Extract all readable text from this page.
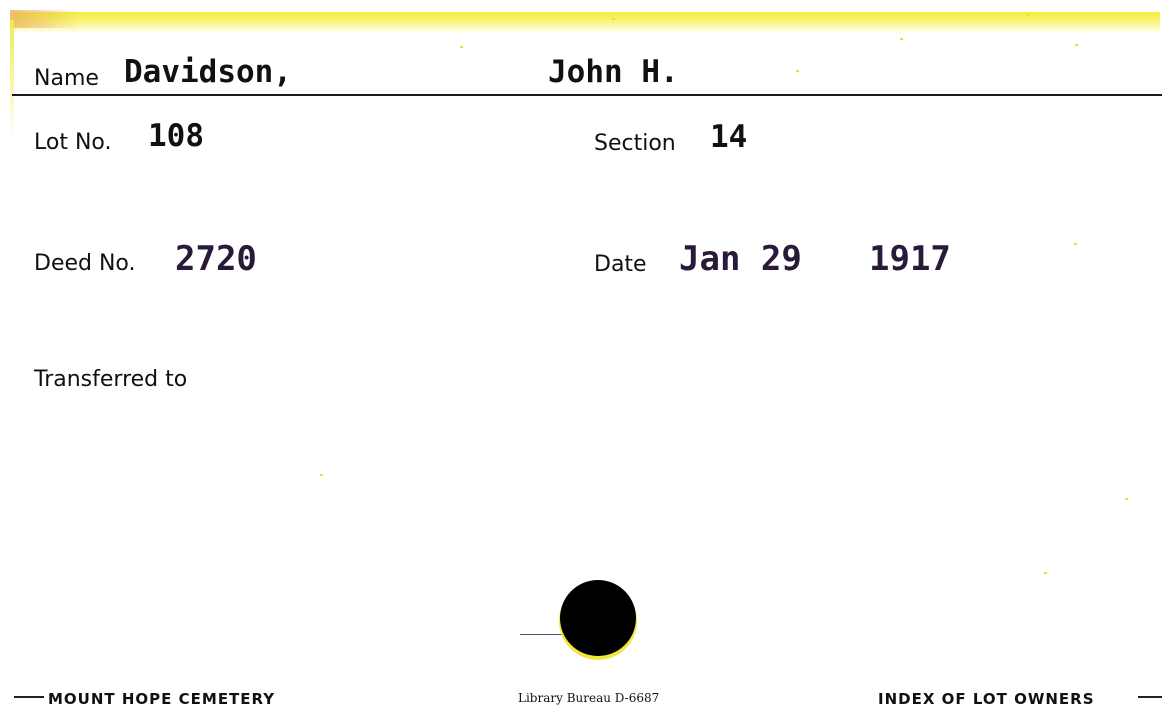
Name Davidson,	John H.
Lot No. 108	Section 14
Deed No. 2720	Date Jan 29 1917
Transferred to
MOUNT HOPE CEMETERY	Library Bureau D-6687	INDEX OF LOT OWNERS
